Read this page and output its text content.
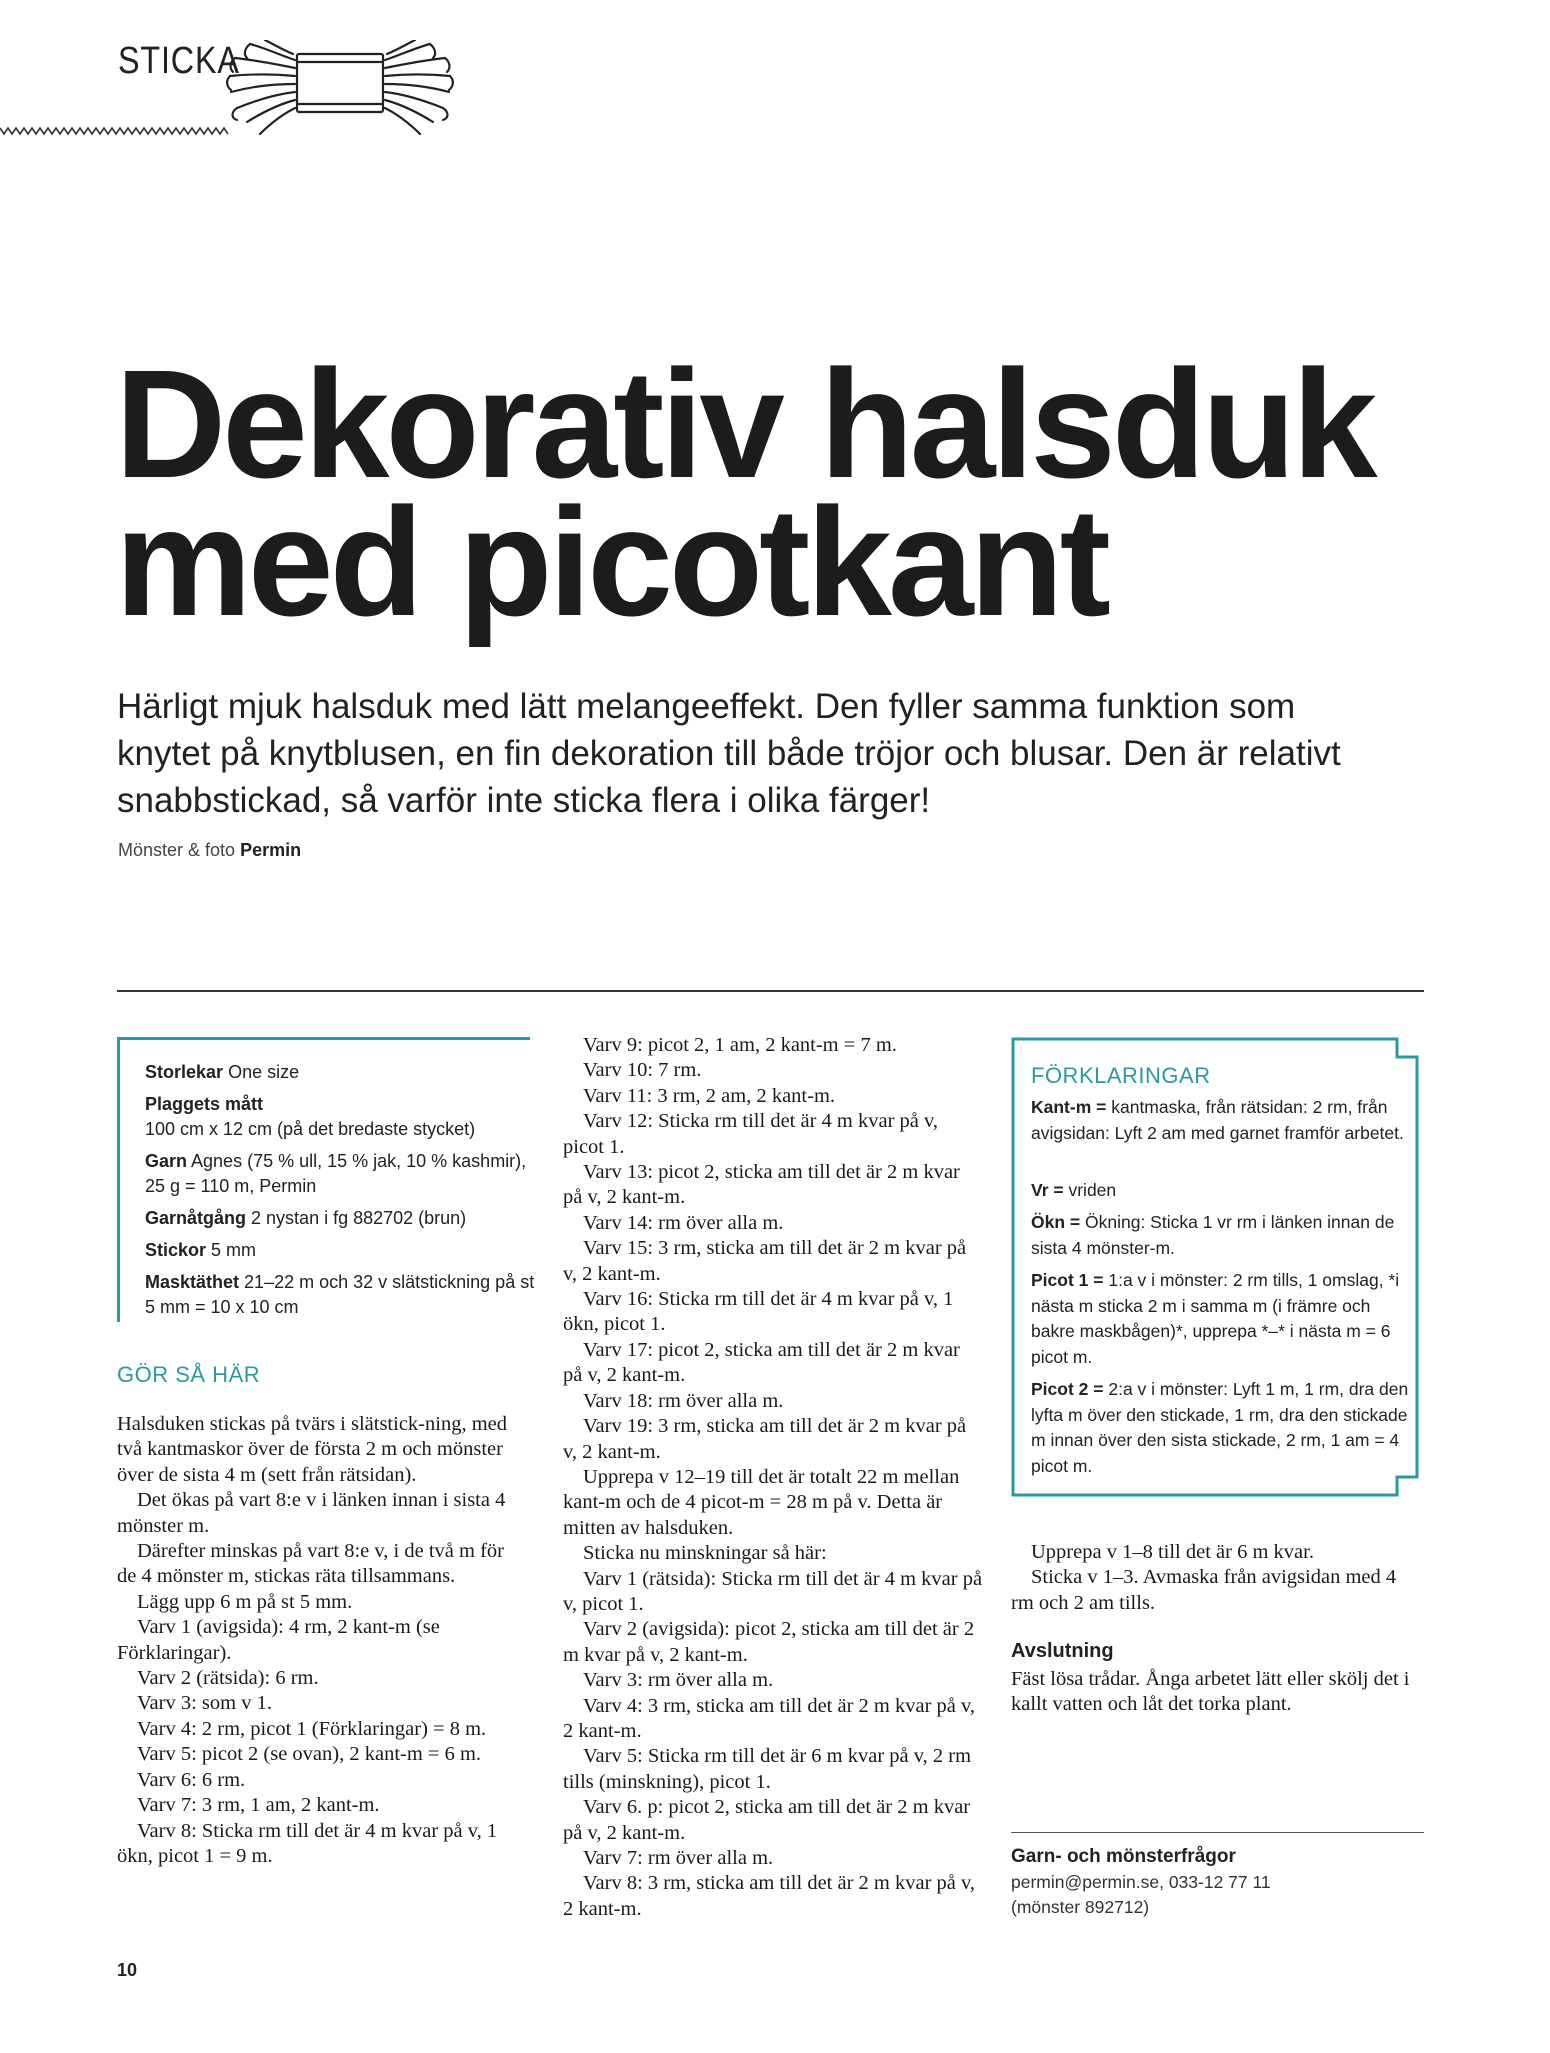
STICKA
Dekorativ halsduk
med picotkant

Härligt mjuk halsduk med lätt melangeeffekt. Den fyller samma funktion som knytet på knytblusen, en fin dekoration till både tröjor och blusar. Den är relativt snabbstickad, så varför inte sticka flera i olika färger!

Mönster & foto Permin
Storlekar One size
Plaggets mått
100 cm x 12 cm (på det bredaste stycket)
Garn Agnes (75 % ull, 15 % jak, 10 % kashmir), 25 g = 110 m, Permin
Garnåtgång 2 nystan i fg 882702 (brun)
Stickor 5 mm
Masktäthet 21–22 m och 32 v slätstickning på st 5 mm = 10 x 10 cm
GÖR SÅ HÄR

Halsduken stickas på tvärs i slätstick-ning, med två kantmaskor över de första 2 m och mönster över de sista 4 m (sett från rätsidan).

Det ökas på vart 8:e v i länken innan i sista 4 mönster m.

Därefter minskas på vart 8:e v, i de två m för de 4 mönster m, stickas räta tillsammans.

Lägg upp 6 m på st 5 mm.

Varv 1 (avigsida): 4 rm, 2 kant-m (se Förklaringar).

Varv 2 (rätsida): 6 rm.

Varv 3: som v 1.

Varv 4: 2 rm, picot 1 (Förklaringar) = 8 m.

Varv 5: picot 2 (se ovan), 2 kant-m = 6 m.

Varv 6: 6 rm.

Varv 7: 3 rm, 1 am, 2 kant-m.

Varv 8: Sticka rm till det är 4 m kvar på v, 1 ökn, picot 1 = 9 m.

Varv 9: picot 2, 1 am, 2 kant-m = 7 m.

Varv 10: 7 rm.

Varv 11: 3 rm, 2 am, 2 kant-m.

Varv 12: Sticka rm till det är 4 m kvar på v, picot 1.

Varv 13: picot 2, sticka am till det är 2 m kvar på v, 2 kant-m.

Varv 14: rm över alla m.

Varv 15: 3 rm, sticka am till det är 2 m kvar på v, 2 kant-m.

Varv 16: Sticka rm till det är 4 m kvar på v, 1 ökn, picot 1.

Varv 17: picot 2, sticka am till det är 2 m kvar på v, 2 kant-m.

Varv 18: rm över alla m.

Varv 19: 3 rm, sticka am till det är 2 m kvar på v, 2 kant-m.

Upprepa v 12–19 till det är totalt 22 m mellan kant-m och de 4 picot-m = 28 m på v. Detta är mitten av halsduken.

Sticka nu minskningar så här:

Varv 1 (rätsida): Sticka rm till det är 4 m kvar på v, picot 1.

Varv 2 (avigsida): picot 2, sticka am till det är 2 m kvar på v, 2 kant-m.

Varv 3: rm över alla m.

Varv 4: 3 rm, sticka am till det är 2 m kvar på v, 2 kant-m.

Varv 5: Sticka rm till det är 6 m kvar på v, 2 rm tills (minskning), picot 1.

Varv 6. p: picot 2, sticka am till det är 2 m kvar på v, 2 kant-m.

Varv 7: rm över alla m.

Varv 8: 3 rm, sticka am till det är 2 m kvar på v, 2 kant-m.

FÖRKLARINGAR
Kant-m = kantmaska, från rätsidan: 2 rm, från avigsidan: Lyft 2 am med garnet framför arbetet.
Vr = vriden
Ökn = Ökning: Sticka 1 vr rm i länken innan de sista 4 mönster-m.
Picot 1 = 1:a v i mönster: 2 rm tills, 1 omslag, *i nästa m sticka 2 m i samma m (i främre och bakre maskbågen)*, upprepa *–* i nästa m = 6 picot m.
Picot 2 = 2:a v i mönster: Lyft 1 m, 1 rm, dra den lyfta m över den stickade, 1 rm, dra den stickade m innan över den sista stickade, 2 rm, 1 am = 4 picot m.

Upprepa v 1–8 till det är 6 m kvar.

Sticka v 1–3. Avmaska från avigsidan med 4 rm och 2 am tills.

Avslutning
Fäst lösa trådar. Ånga arbetet lätt eller skölj det i kallt vatten och låt det torka plant.
Garn- och mönsterfrågor
permin@permin.se, 033-12 77 11
(mönster 892712)
10
